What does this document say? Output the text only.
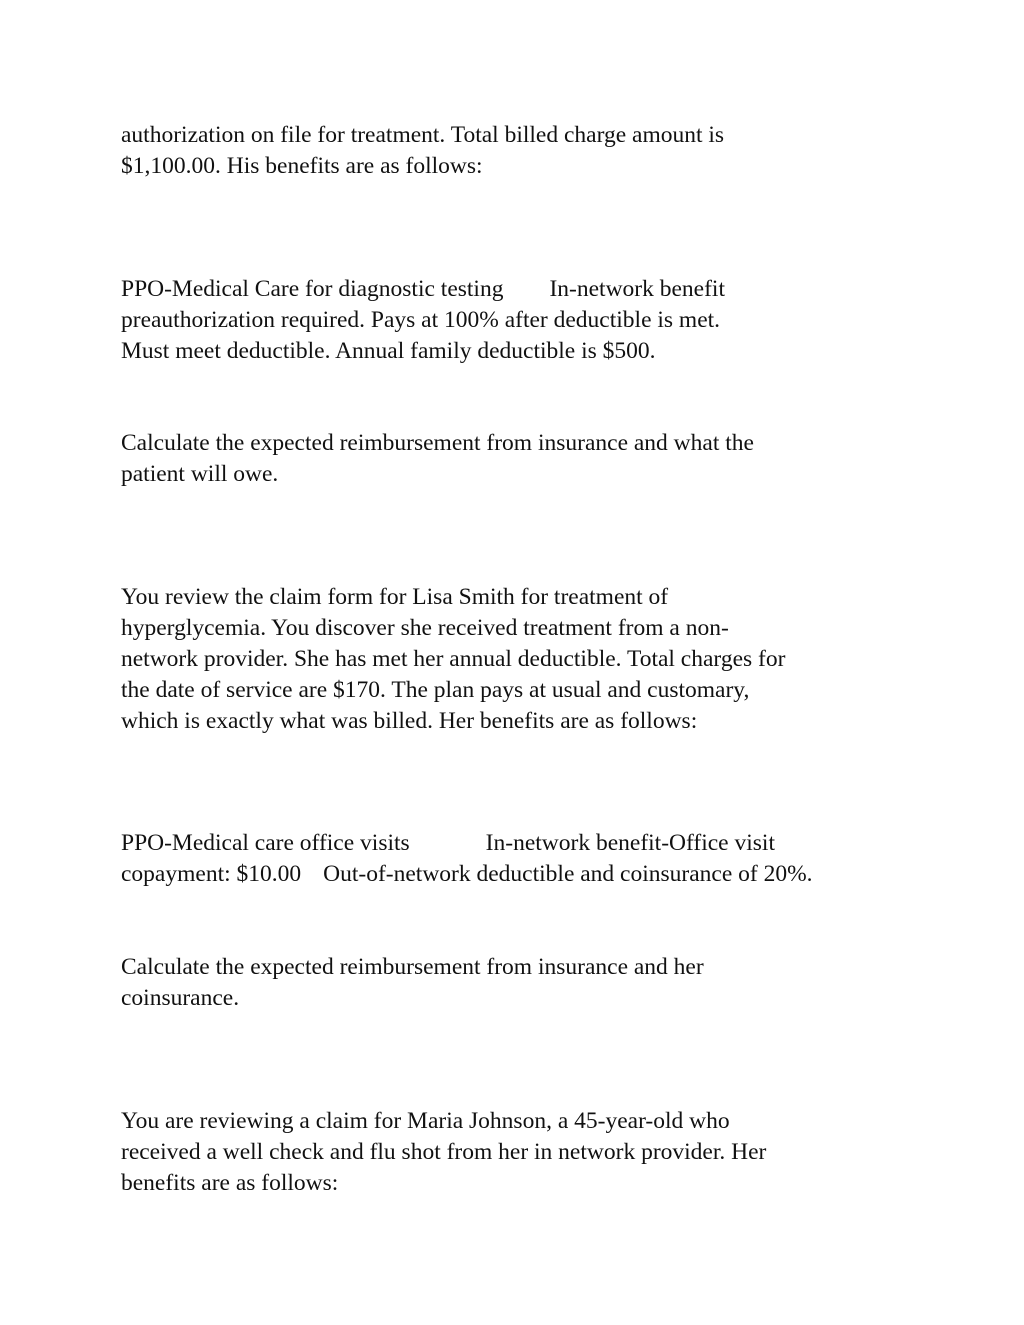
authorization on file for treatment. Total billed charge amount is
$1,100.00. His benefits are as follows:
PPO-Medical Care for diagnostic testing In-network benefit
preauthorization required. Pays at 100% after deductible is met.
Must meet deductible. Annual family deductible is $500.
Calculate the expected reimbursement from insurance and what the
patient will owe.
You review the claim form for Lisa Smith for treatment of
hyperglycemia. You discover she received treatment from a non-
network provider. She has met her annual deductible. Total charges for
the date of service are $170. The plan pays at usual and customary,
which is exactly what was billed. Her benefits are as follows:
PPO-Medical care office visits	In-network benefit-Office visit
copayment: $10.00 Out-of-network deductible and coinsurance of 20%.
Calculate the expected reimbursement from insurance and her
coinsurance.
You are reviewing a claim for Maria Johnson, a 45-year-old who
received a well check and flu shot from her in network provider. Her
benefits are as follows:
